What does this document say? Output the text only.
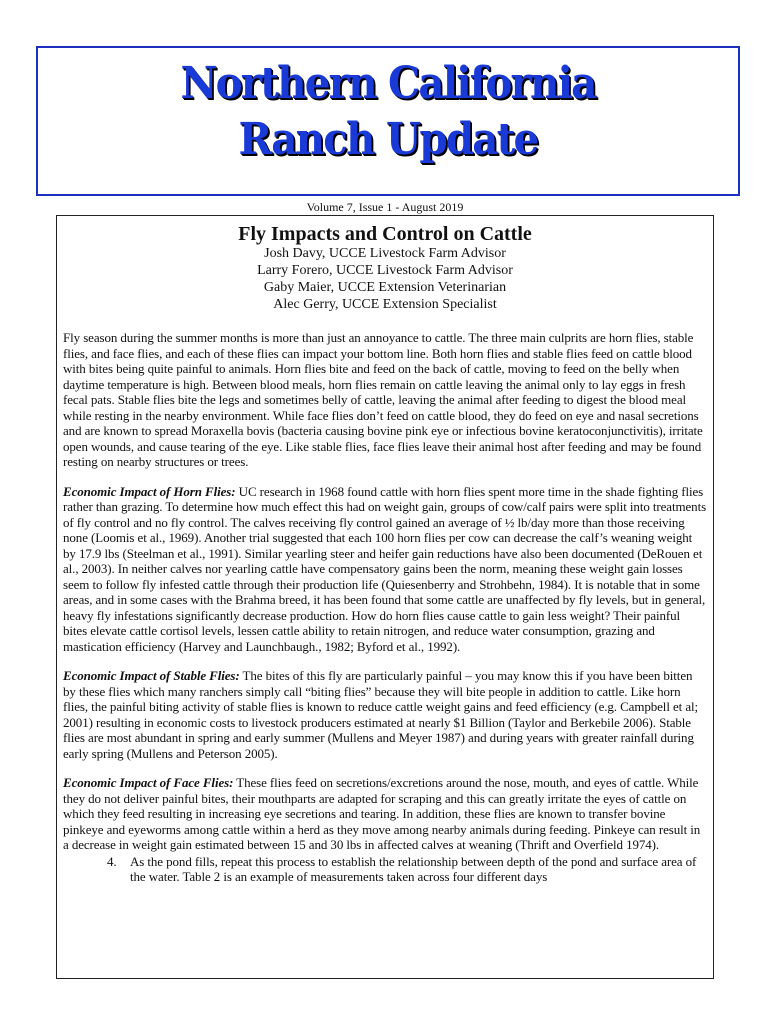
Northern California
Ranch Update
Volume 7, Issue 1 - August 2019
Fly Impacts and Control on Cattle
Josh Davy, UCCE Livestock Farm Advisor
Larry Forero, UCCE Livestock Farm Advisor
Gaby Maier, UCCE Extension Veterinarian
Alec Gerry, UCCE Extension Specialist

Fly season during the summer months is more than just an annoyance to cattle. The three main culprits are horn flies, stable flies, and face flies, and each of these flies can impact your bottom line. Both horn flies and stable flies feed on cattle blood with bites being quite painful to animals. Horn flies bite and feed on the back of cattle, moving to feed on the belly when daytime temperature is high. Between blood meals, horn flies remain on cattle leaving the animal only to lay eggs in fresh fecal pats. Stable flies bite the legs and sometimes belly of cattle, leaving the animal after feeding to digest the blood meal while resting in the nearby environment. While face flies don’t feed on cattle blood, they do feed on eye and nasal secretions and are known to spread Moraxella bovis (bacteria causing bovine pink eye or infectious bovine keratoconjunctivitis), irritate open wounds, and cause tearing of the eye. Like stable flies, face flies leave their animal host after feeding and may be found resting on nearby structures or trees.

Economic Impact of Horn Flies: UC research in 1968 found cattle with horn flies spent more time in the shade fighting flies rather than grazing. To determine how much effect this had on weight gain, groups of cow/calf pairs were split into treatments of fly control and no fly control. The calves receiving fly control gained an average of ½ lb/day more than those receiving none (Loomis et al., 1969). Another trial suggested that each 100 horn flies per cow can decrease the calf’s weaning weight by 17.9 lbs (Steelman et al., 1991). Similar yearling steer and heifer gain reductions have also been documented (DeRouen et al., 2003). In neither calves nor yearling cattle have compensatory gains been the norm, meaning these weight gain losses seem to follow fly infested cattle through their production life (Quiesenberry and Strohbehn, 1984). It is notable that in some areas, and in some cases with the Brahma breed, it has been found that some cattle are unaffected by fly levels, but in general, heavy fly infestations significantly decrease production. How do horn flies cause cattle to gain less weight? Their painful bites elevate cattle cortisol levels, lessen cattle ability to retain nitrogen, and reduce water consumption, grazing and mastication efficiency (Harvey and Launchbaugh., 1982; Byford et al., 1992).

Economic Impact of Stable Flies: The bites of this fly are particularly painful – you may know this if you have been bitten by these flies which many ranchers simply call “biting flies” because they will bite people in addition to cattle. Like horn flies, the painful biting activity of stable flies is known to reduce cattle weight gains and feed efficiency (e.g. Campbell et al; 2001) resulting in economic costs to livestock producers estimated at nearly $1 Billion (Taylor and Berkebile 2006). Stable flies are most abundant in spring and early summer (Mullens and Meyer 1987) and during years with greater rainfall during early spring (Mullens and Peterson 2005).

Economic Impact of Face Flies: These flies feed on secretions/excretions around the nose, mouth, and eyes of cattle. While they do not deliver painful bites, their mouthparts are adapted for scraping and this can greatly irritate the eyes of cattle on which they feed resulting in increasing eye secretions and tearing. In addition, these flies are known to transfer bovine pinkeye and eyeworms among cattle within a herd as they move among nearby animals during feeding. Pinkeye can result in a decrease in weight gain estimated between 15 and 30 lbs in affected calves at weaning (Thrift and Overfield 1974).

4. As the pond fills, repeat this process to establish the relationship between depth of the pond and surface area of the water. Table 2 is an example of measurements taken across four different days
